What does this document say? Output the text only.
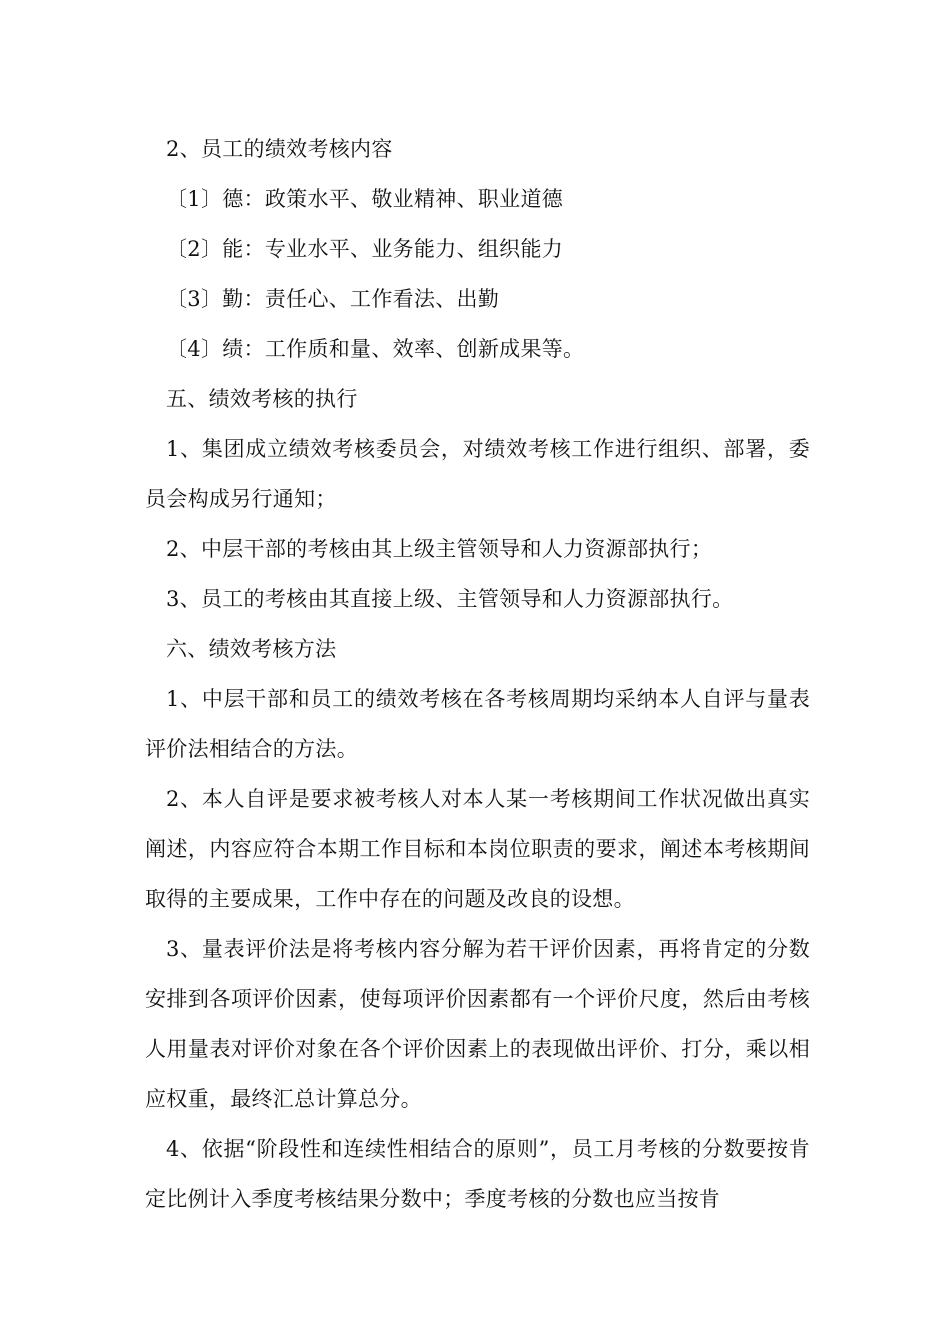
2、员工的绩效考核内容

〔1〕德：政策水平、敬业精神、职业道德

〔2〕能：专业水平、业务能力、组织能力

〔3〕勤：责任心、工作看法、出勤

〔4〕绩：工作质和量、效率、创新成果等。

五、绩效考核的执行

1、集团成立绩效考核委员会，对绩效考核工作进行组织、部署，委员会构成另行通知；

2、中层干部的考核由其上级主管领导和人力资源部执行；

3、员工的考核由其直接上级、主管领导和人力资源部执行。

六、绩效考核方法

1、中层干部和员工的绩效考核在各考核周期均采纳本人自评与量表评价法相结合的方法。

2、本人自评是要求被考核人对本人某一考核期间工作状况做出真实阐述，内容应符合本期工作目标和本岗位职责的要求，阐述本考核期间取得的主要成果，工作中存在的问题及改良的设想。

3、量表评价法是将考核内容分解为若干评价因素，再将肯定的分数安排到各项评价因素，使每项评价因素都有一个评价尺度，然后由考核人用量表对评价对象在各个评价因素上的表现做出评价、打分，乘以相应权重，最终汇总计算总分。

4、依据“阶段性和连续性相结合的原则”，员工月考核的分数要按肯定比例计入季度考核结果分数中；季度考核的分数也应当按肯
